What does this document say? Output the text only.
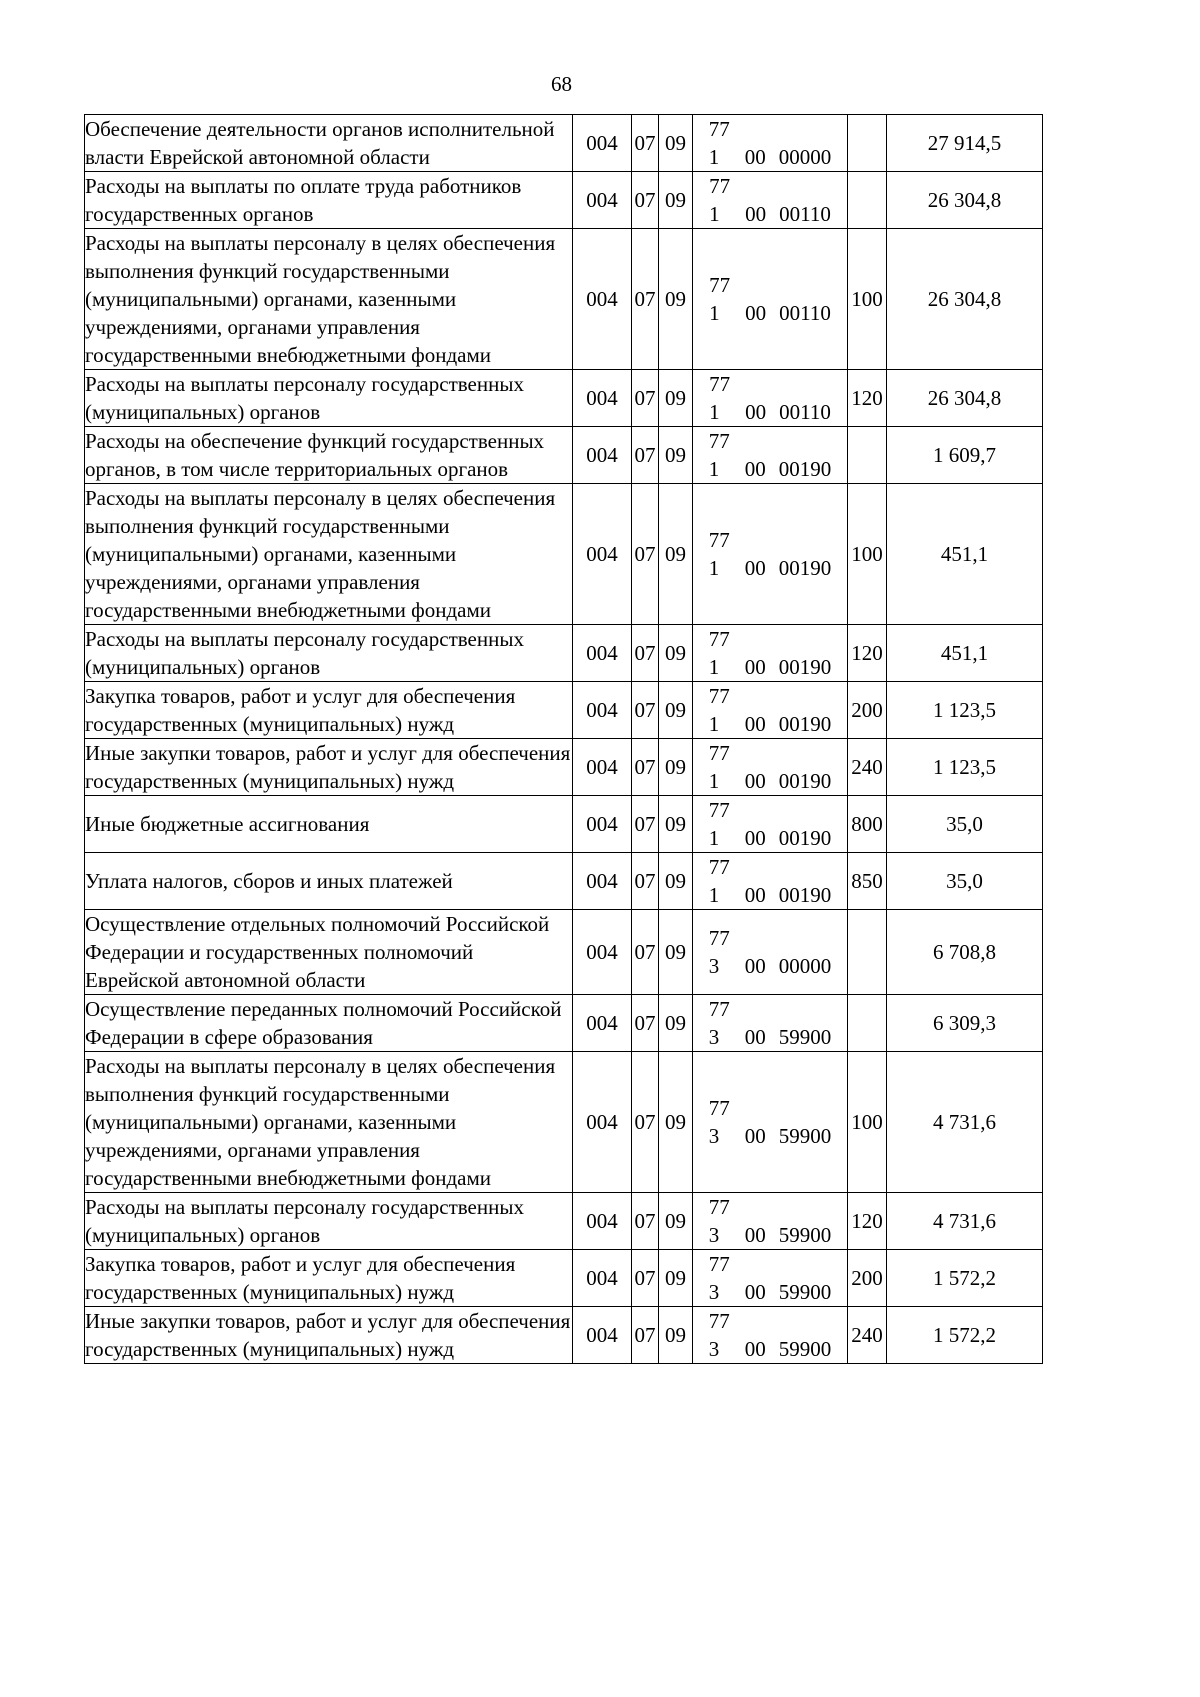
68
Обеспечение деятельности органов исполнительной власти Еврейской автономной области	004	07	09	77 1 00 00000		27 914,5
Расходы на выплаты по оплате труда работников государственных органов	004	07	09	77 1 00 00110		26 304,8
Расходы на выплаты персоналу в целях обеспечения выполнения функций государственными (муниципальными) органами, казенными учреждениями, органами управления государственными внебюджетными фондами	004	07	09	77 1 00 00110	100	26 304,8
Расходы на выплаты персоналу государственных (муниципальных) органов	004	07	09	77 1 00 00110	120	26 304,8
Расходы на обеспечение функций государственных органов, в том числе территориальных органов	004	07	09	77 1 00 00190		1 609,7
Расходы на выплаты персоналу в целях обеспечения выполнения функций государственными (муниципальными) органами, казенными учреждениями, органами управления государственными внебюджетными фондами	004	07	09	77 1 00 00190	100	451,1
Расходы на выплаты персоналу государственных (муниципальных) органов	004	07	09	77 1 00 00190	120	451,1
Закупка товаров, работ и услуг для обеспечения государственных (муниципальных) нужд	004	07	09	77 1 00 00190	200	1 123,5
Иные закупки товаров, работ и услуг для обеспечения государственных (муниципальных) нужд	004	07	09	77 1 00 00190	240	1 123,5
Иные бюджетные ассигнования	004	07	09	77 1 00 00190	800	35,0
Уплата налогов, сборов и иных платежей	004	07	09	77 1 00 00190	850	35,0
Осуществление отдельных полномочий Российской Федерации и государственных полномочий Еврейской автономной области	004	07	09	77 3 00 00000		6 708,8
Осуществление переданных полномочий Российской Федерации в сфере образования	004	07	09	77 3 00 59900		6 309,3
Расходы на выплаты персоналу в целях обеспечения выполнения функций государственными (муниципальными) органами, казенными учреждениями, органами управления государственными внебюджетными фондами	004	07	09	77 3 00 59900	100	4 731,6
Расходы на выплаты персоналу государственных (муниципальных) органов	004	07	09	77 3 00 59900	120	4 731,6
Закупка товаров, работ и услуг для обеспечения государственных (муниципальных) нужд	004	07	09	77 3 00 59900	200	1 572,2
Иные закупки товаров, работ и услуг для обеспечения государственных (муниципальных) нужд	004	07	09	77 3 00 59900	240	1 572,2
